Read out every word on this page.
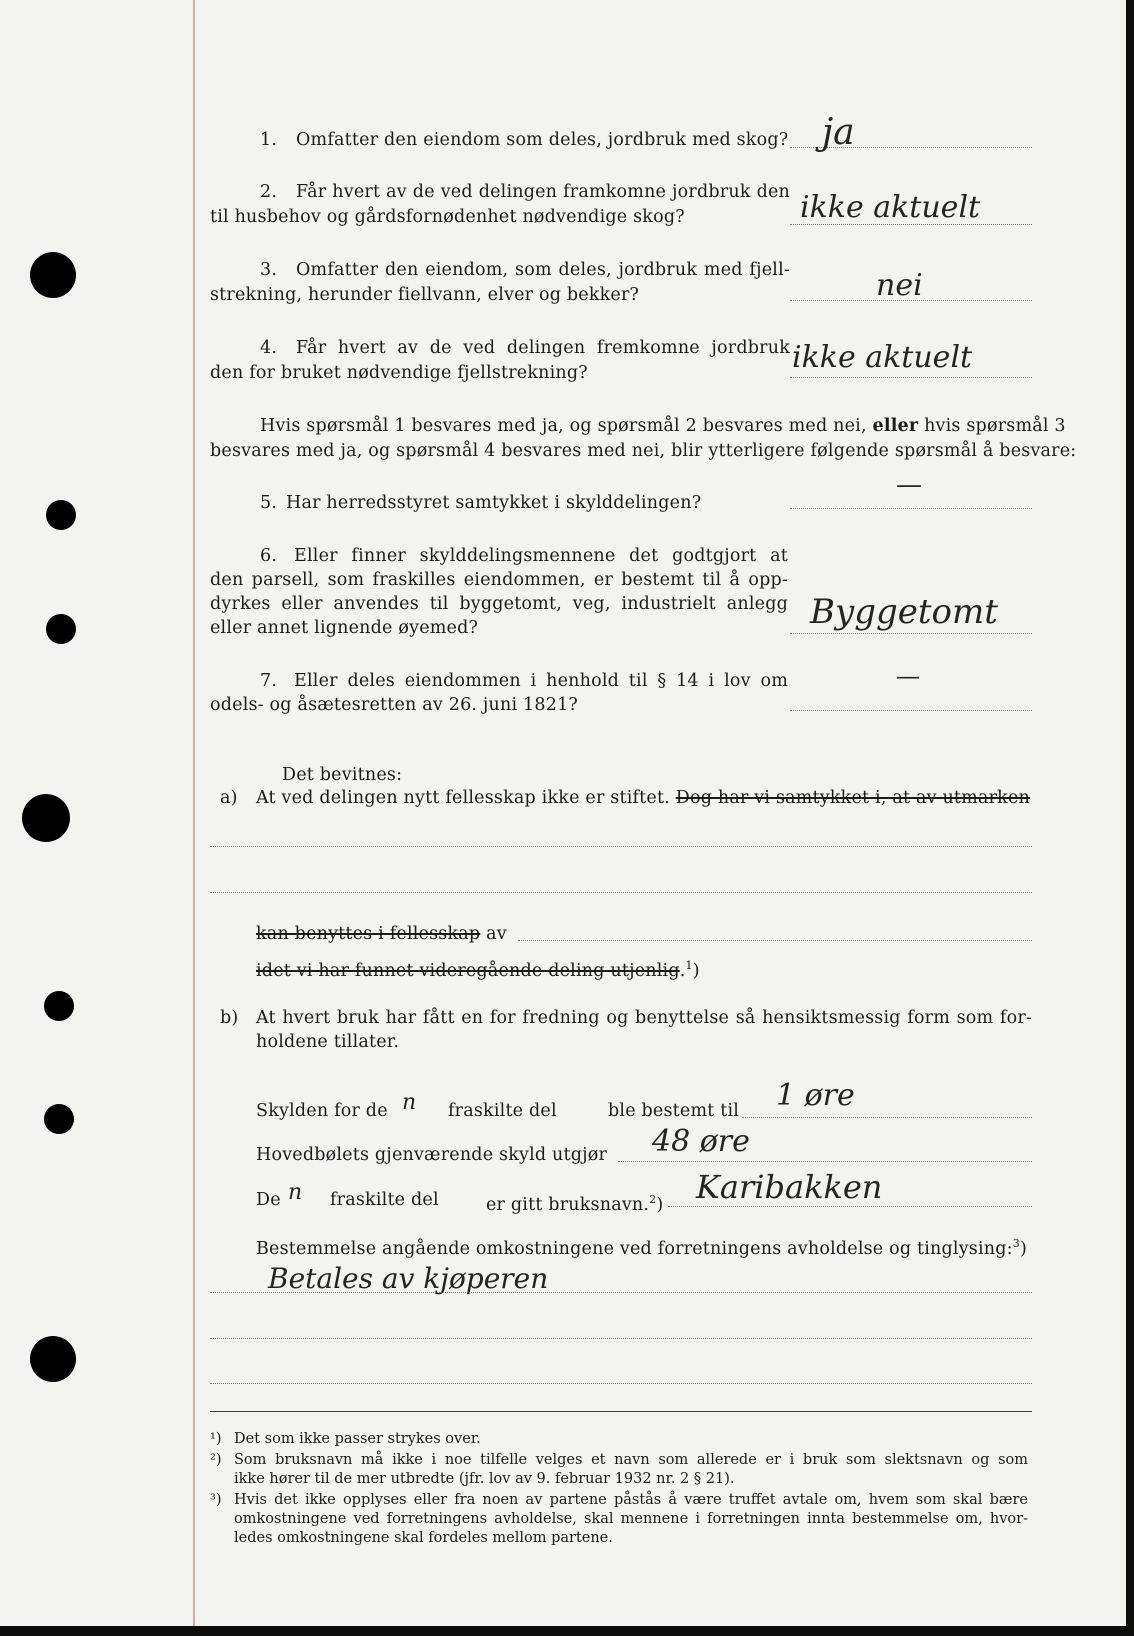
1. Omfatter den eiendom som deles, jordbruk med skog? ja
2. Får hvert av de ved delingen framkomne jordbruk den
til husbehov og gårdsfornødenhet nødvendige skog?	ikke aktuelt
3. Omfatter den eiendom, som deles, jordbruk med fjell-
strekning, herunder fiellvann, elver og bekker?	nei
4. Får hvert av de ved delingen fremkomne jordbruk
den for bruket nødvendige fjellstrekning?	ikke aktuelt
Hvis spørsmål 1 besvares med ja, og spørsmål 2 besvares med nei, eller hvis spørsmål 3
besvares med ja, og spørsmål 4 besvares med nei, blir ytterligere følgende spørsmål å besvare:
5. Har herredsstyret samtykket i skylddelingen?
—
6. Eller finner skylddelingsmennene det godtgjort at
den parsell, som fraskilles eiendommen, er bestemt til å opp-
dyrkes eller anvendes til byggetomt, veg, industrielt anlegg
eller annet lignende øyemed?	Byggetomt
7. Eller deles eiendommen i henhold til § 14 i lov om
odels- og åsætesretten av 26. juni 1821?
—
Det bevitnes:
a) At ved delingen nytt fellesskap ikke er stiftet. Dog har vi samtykket i, at av utmarken
kan benyttes i fellesskap av
idet vi har funnet videregående deling utjenlig.$^1$)
b) At hvert bruk har fått en for fredning og benyttelse så hensiktsmessig form som for-
holdene tillater.
Skylden for de n fraskilte del	ble bestemt til 1 øre
Hovedbølets gjenværende skyld utgjør 48 øre
De n fraskilte del	er gitt bruksnavn.$^2$) Karibakken
Bestemmelse angående omkostningene ved forretningens avholdelse og tinglysing:$^3$)
Betales av kjøperen
¹) Det som ikke passer strykes over.
²) Som bruksnavn må ikke i noe tilfelle velges et navn som allerede er i bruk som slektsnavn og som
ikke hører til de mer utbredte (jfr. lov av 9. februar 1932 nr. 2 § 21).
³) Hvis det ikke opplyses eller fra noen av partene påstås å være truffet avtale om, hvem som skal bære
omkostningene ved forretningens avholdelse, skal mennene i forretningen innta bestemmelse om, hvor-
ledes omkostningene skal fordeles mellom partene.
